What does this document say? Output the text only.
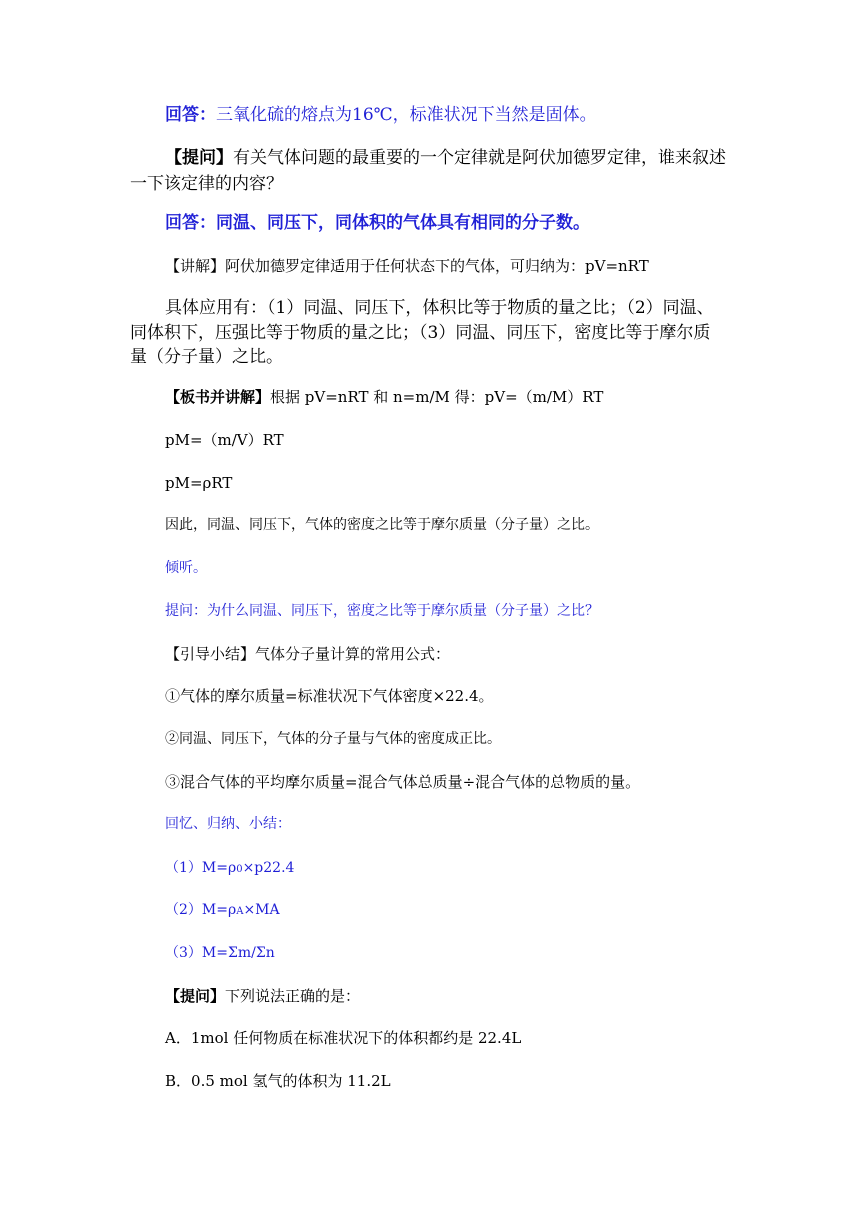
回答：三氧化硫的熔点为16℃，标准状况下当然是固体。

【提问】有关气体问题的最重要的一个定律就是阿伏加德罗定律，谁来叙述

一下该定律的内容？

回答：同温、同压下，同体积的气体具有相同的分子数。

【讲解】阿伏加德罗定律适用于任何状态下的气体，可归纳为：pV=nRT

具体应用有：（1）同温、同压下，体积比等于物质的量之比；（2）同温、

同体积下，压强比等于物质的量之比；（3）同温、同压下，密度比等于摩尔质

量（分子量）之比。

【板书并讲解】根据 pV=nRT 和 n=m/M 得：pV=（m/M）RT

pM=（m/V）RT

pM=ρRT

因此，同温、同压下，气体的密度之比等于摩尔质量（分子量）之比。

倾听。

提问：为什么同温、同压下，密度之比等于摩尔质量（分子量）之比？

【引导小结】气体分子量计算的常用公式：

①气体的摩尔质量=标准状况下气体密度×22.4。

②同温、同压下，气体的分子量与气体的密度成正比。

③混合气体的平均摩尔质量=混合气体总质量÷混合气体的总物质的量。

回忆、归纳、小结：

（1）M=ρ0×p22.4

（2）M=ρA×MA

（3）M=Σm/Σn

【提问】下列说法正确的是：

A．1mol 任何物质在标准状况下的体积都约是 22.4L

B．0.5 mol 氢气的体积为 11.2L
